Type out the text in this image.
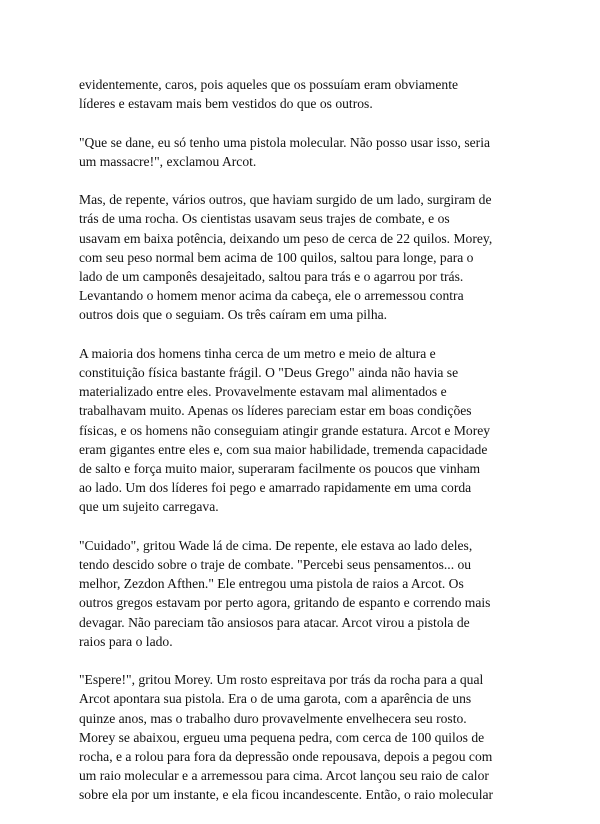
evidentemente, caros, pois aqueles que os possuíam eram obviamente
líderes e estavam mais bem vestidos do que os outros.

"Que se dane, eu só tenho uma pistola molecular. Não posso usar isso, seria
um massacre!", exclamou Arcot.

Mas, de repente, vários outros, que haviam surgido de um lado, surgiram de
trás de uma rocha. Os cientistas usavam seus trajes de combate, e os
usavam em baixa potência, deixando um peso de cerca de 22 quilos. Morey,
com seu peso normal bem acima de 100 quilos, saltou para longe, para o
lado de um camponês desajeitado, saltou para trás e o agarrou por trás.
Levantando o homem menor acima da cabeça, ele o arremessou contra
outros dois que o seguiam. Os três caíram em uma pilha.

A maioria dos homens tinha cerca de um metro e meio de altura e
constituição física bastante frágil. O "Deus Grego" ainda não havia se
materializado entre eles. Provavelmente estavam mal alimentados e
trabalhavam muito. Apenas os líderes pareciam estar em boas condições
físicas, e os homens não conseguiam atingir grande estatura. Arcot e Morey
eram gigantes entre eles e, com sua maior habilidade, tremenda capacidade
de salto e força muito maior, superaram facilmente os poucos que vinham
ao lado. Um dos líderes foi pego e amarrado rapidamente em uma corda
que um sujeito carregava.

"Cuidado", gritou Wade lá de cima. De repente, ele estava ao lado deles,
tendo descido sobre o traje de combate. "Percebi seus pensamentos... ou
melhor, Zezdon Afthen." Ele entregou uma pistola de raios a Arcot. Os
outros gregos estavam por perto agora, gritando de espanto e correndo mais
devagar. Não pareciam tão ansiosos para atacar. Arcot virou a pistola de
raios para o lado.

"Espere!", gritou Morey. Um rosto espreitava por trás da rocha para a qual
Arcot apontara sua pistola. Era o de uma garota, com a aparência de uns
quinze anos, mas o trabalho duro provavelmente envelhecera seu rosto.
Morey se abaixou, ergueu uma pequena pedra, com cerca de 100 quilos de
rocha, e a rolou para fora da depressão onde repousava, depois a pegou com
um raio molecular e a arremessou para cima. Arcot lançou seu raio de calor
sobre ela por um instante, e ela ficou incandescente. Então, o raio molecular
